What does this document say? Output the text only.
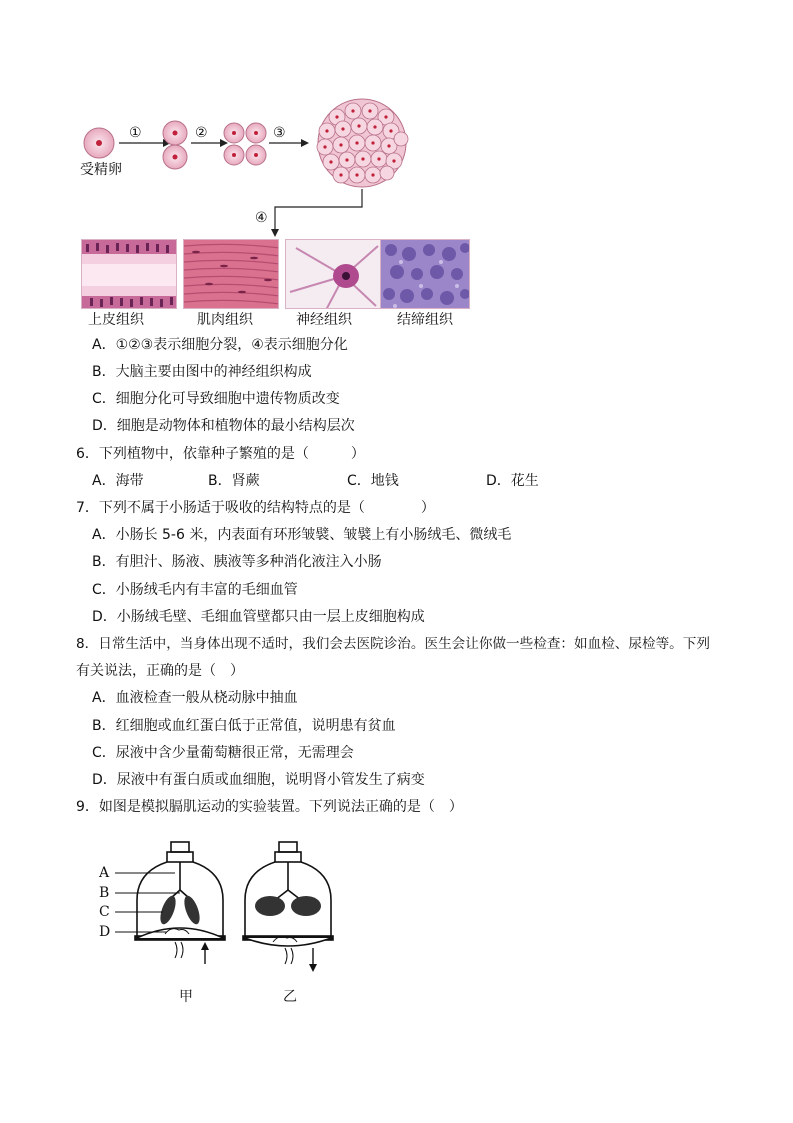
①	②	③
④
受精卵
上皮组织	肌肉组织	神经组织	结缔组织
A．①②③表示细胞分裂，④表示细胞分化
B．大脑主要由图中的神经组织构成
C．细胞分化可导致细胞中遗传物质改变
D．细胞是动物体和植物体的最小结构层次
6．下列植物中，依靠种子繁殖的是（　　　）
A．海带	B．肾蕨	C．地钱	D．花生
7．下列不属于小肠适于吸收的结构特点的是（　　　　）
A．小肠长 5-6 米，内表面有环形皱襞、皱襞上有小肠绒毛、微绒毛
B．有胆汁、肠液、胰液等多种消化液注入小肠
C．小肠绒毛内有丰富的毛细血管
D．小肠绒毛壁、毛细血管壁都只由一层上皮细胞构成
8．日常生活中，当身体出现不适时，我们会去医院诊治。医生会让你做一些检查：如血检、尿检等。下列
有关说法，正确的是（　）
A．血液检查一般从桡动脉中抽血
B．红细胞或血红蛋白低于正常值，说明患有贫血
C．尿液中含少量葡萄糖很正常，无需理会
D．尿液中有蛋白质或血细胞，说明肾小管发生了病变
9．如图是模拟膈肌运动的实验装置。下列说法正确的是（　）
A
B
C
D
甲	乙
